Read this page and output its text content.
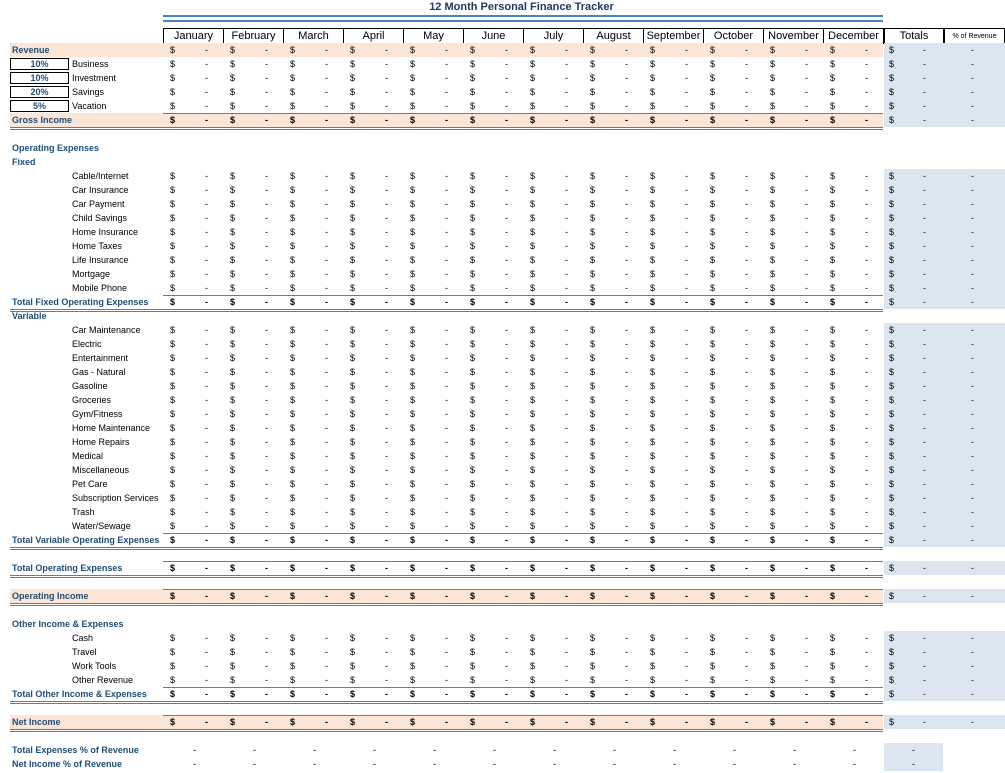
12 Month Personal Finance Tracker
January	February	March	April	May	June	July	August	September	October	November December	Totals	% of Revenue
Revenue	$	- $	- $	- $	- $	- $	- $	- $	- $	- $	- $	- $	- $	-	-
10%	Business	$	- $	- $	- $	- $	- $	- $	- $	- $	- $	- $	- $	- $	-	-
10%	Investment	$	- $	- $	- $	- $	- $	- $	- $	- $	- $	- $	- $	- $	-	-
20%	Savings	$	- $	- $	- $	- $	- $	- $	- $	- $	- $	- $	- $	- $	-	-
5%	Vacation	$	- $	- $	- $	- $	- $	- $	- $	- $	- $	- $	- $	- $	-	-
Gross Income	$	- $	- $	- $	- $	- $	- $	- $	- $	- $	- $	- $	- $	-	-
Operating Expenses
Fixed
Cable/Internet	$	- $	- $	- $	- $	- $	- $	- $	- $	- $	- $	- $	- $	-	-
Car Insurance	$	- $	- $	- $	- $	- $	- $	- $	- $	- $	- $	- $	- $	-	-
Car Payment	$	- $	- $	- $	- $	- $	- $	- $	- $	- $	- $	- $	- $	-	-
Child Savings	$	- $	- $	- $	- $	- $	- $	- $	- $	- $	- $	- $	- $	-	-
Home Insurance	$	- $	- $	- $	- $	- $	- $	- $	- $	- $	- $	- $	- $	-	-
Home Taxes	$	- $	- $	- $	- $	- $	- $	- $	- $	- $	- $	- $	- $	-	-
Life Insurance	$	- $	- $	- $	- $	- $	- $	- $	- $	- $	- $	- $	- $	-	-
Mortgage	$	- $	- $	- $	- $	- $	- $	- $	- $	- $	- $	- $	- $	-	-
Mobile Phone	$	- $	- $	- $	- $	- $	- $	- $	- $	- $	- $	- $	- $	-	-
Total Fixed Operating Expenses $	- $	- $	- $	- $	- $	- $	- $	- $	- $	- $	- $	- $	-	-
Variable
Car Maintenance	$	- $	- $	- $	- $	- $	- $	- $	- $	- $	- $	- $	- $	-	-
Electric	$	- $	- $	- $	- $	- $	- $	- $	- $	- $	- $	- $	- $	-	-
Entertainment	$	- $	- $	- $	- $	- $	- $	- $	- $	- $	- $	- $	- $	-	-
Gas - Natural	$	- $	- $	- $	- $	- $	- $	- $	- $	- $	- $	- $	- $	-	-
Gasoline	$	- $	- $	- $	- $	- $	- $	- $	- $	- $	- $	- $	- $	-	-
Groceries	$	- $	- $	- $	- $	- $	- $	- $	- $	- $	- $	- $	- $	-	-
Gym/Fitness	$	- $	- $	- $	- $	- $	- $	- $	- $	- $	- $	- $	- $	-	-
Home Maintenance $	- $	- $	- $	- $	- $	- $	- $	- $	- $	- $	- $	- $	-	-
Home Repairs	$	- $	- $	- $	- $	- $	- $	- $	- $	- $	- $	- $	- $	-	-
Medical	$	- $	- $	- $	- $	- $	- $	- $	- $	- $	- $	- $	- $	-	-
Miscellaneous	$	- $	- $	- $	- $	- $	- $	- $	- $	- $	- $	- $	- $	-	-
Pet Care	$	- $	- $	- $	- $	- $	- $	- $	- $	- $	- $	- $	- $	-	-
Subscription Services $	- $	- $	- $	- $	- $	- $	- $	- $	- $	- $	- $	- $	-	-
Trash	$	- $	- $	- $	- $	- $	- $	- $	- $	- $	- $	- $	- $	-	-
Water/Sewage	$	- $	- $	- $	- $	- $	- $	- $	- $	- $	- $	- $	- $	-	-
Total Variable Operating Expenses $	- $	- $	- $	- $	- $	- $	- $	- $	- $	- $	- $	- $	-	-
Total Operating Expenses	$	- $	- $	- $	- $	- $	- $	- $	- $	- $	- $	- $	- $	-	-
Operating Income	$	- $	- $	- $	- $	- $	- $	- $	- $	- $	- $	- $	- $	-	-
Other Income & Expenses
Cash	$	- $	- $	- $	- $	- $	- $	- $	- $	- $	- $	- $	- $	-	-
Travel	$	- $	- $	- $	- $	- $	- $	- $	- $	- $	- $	- $	- $	-	-
Work Tools	$	- $	- $	- $	- $	- $	- $	- $	- $	- $	- $	- $	- $	-	-
Other Revenue	$	- $	- $	- $	- $	- $	- $	- $	- $	- $	- $	- $	- $	-	-
Total Other Income & Expenses	$	- $	- $	- $	- $	- $	- $	- $	- $	- $	- $	- $	- $	-	-
Net Income	$	- $	- $	- $	- $	- $	- $	- $	- $	- $	- $	- $	- $	-	-
Total Expenses % of Revenue	-	-	-	-	-	-	-	-	-	-	-	-	-
Net Income % of Revenue	-	-	-	-	-	-	-	-	-	-	-	-	-
